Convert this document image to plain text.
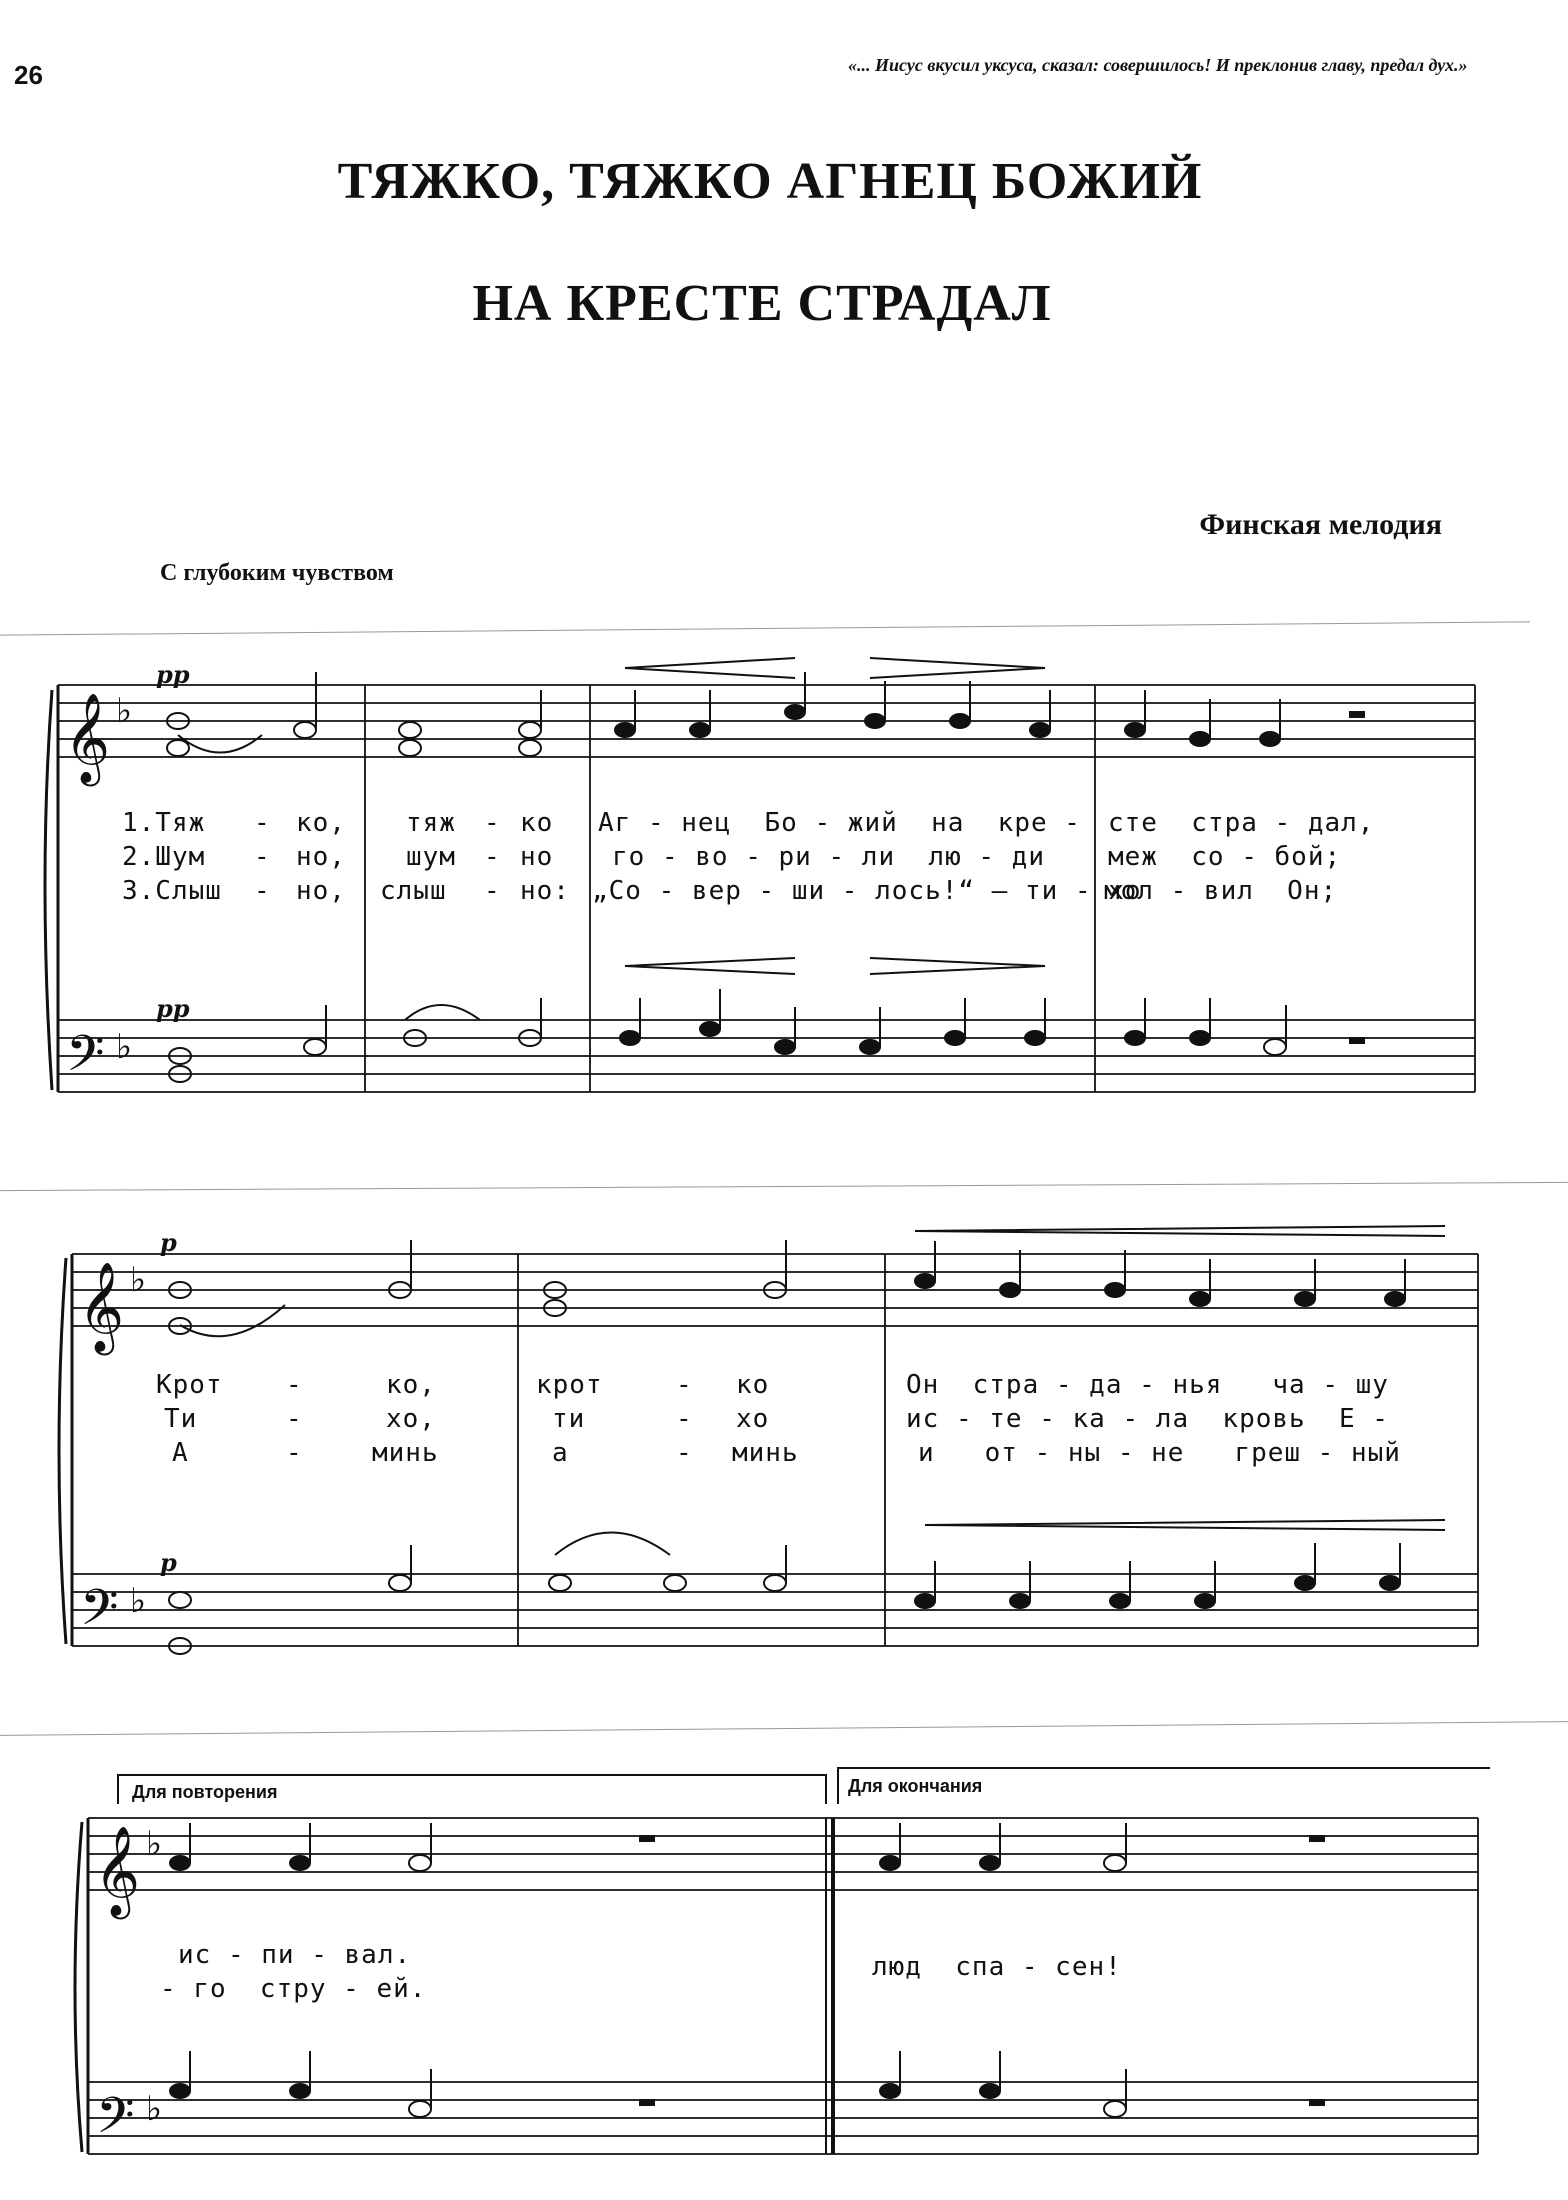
26	«... Иисус вкусил уксуса, сказал: совершилось! И преклонив главу, предал дух.»
ТЯЖКО, ТЯЖКО АГНЕЦ БОЖИЙ
НА КРЕСТЕ СТРАДАЛ
Финская мелодия
С глубоким чувством
𝄞
𝄢
♭
♭
𝄞
𝄢
♭
♭
𝄞
𝄢
♭
♭
pp
pp
p
p
Для повторения	Для окончания
1.Тяж - ко, тяж - ко Аг - нец  Бо - жий  на  кре - сте  стра - дал,
2.Шум - но, шум - но го - во - ри - ли  лю - ди меж  со - бой;
3.Слыш - но, слыш - но: „Со - вер - ши - лось!“ — ти - хо
мол - вил  Он;
Крот -	ко,	крот	- ко	Он  стра - да - нья   ча - шу
Ти	-	хо,	ти	- хо	ис - те - ка - ла  кровь  Е -
А	-	минь	а	- минь	и   от - ны - не   греш - ный
ис - пи - вал.	люд  спа - сен!
- го  стру - ей.
